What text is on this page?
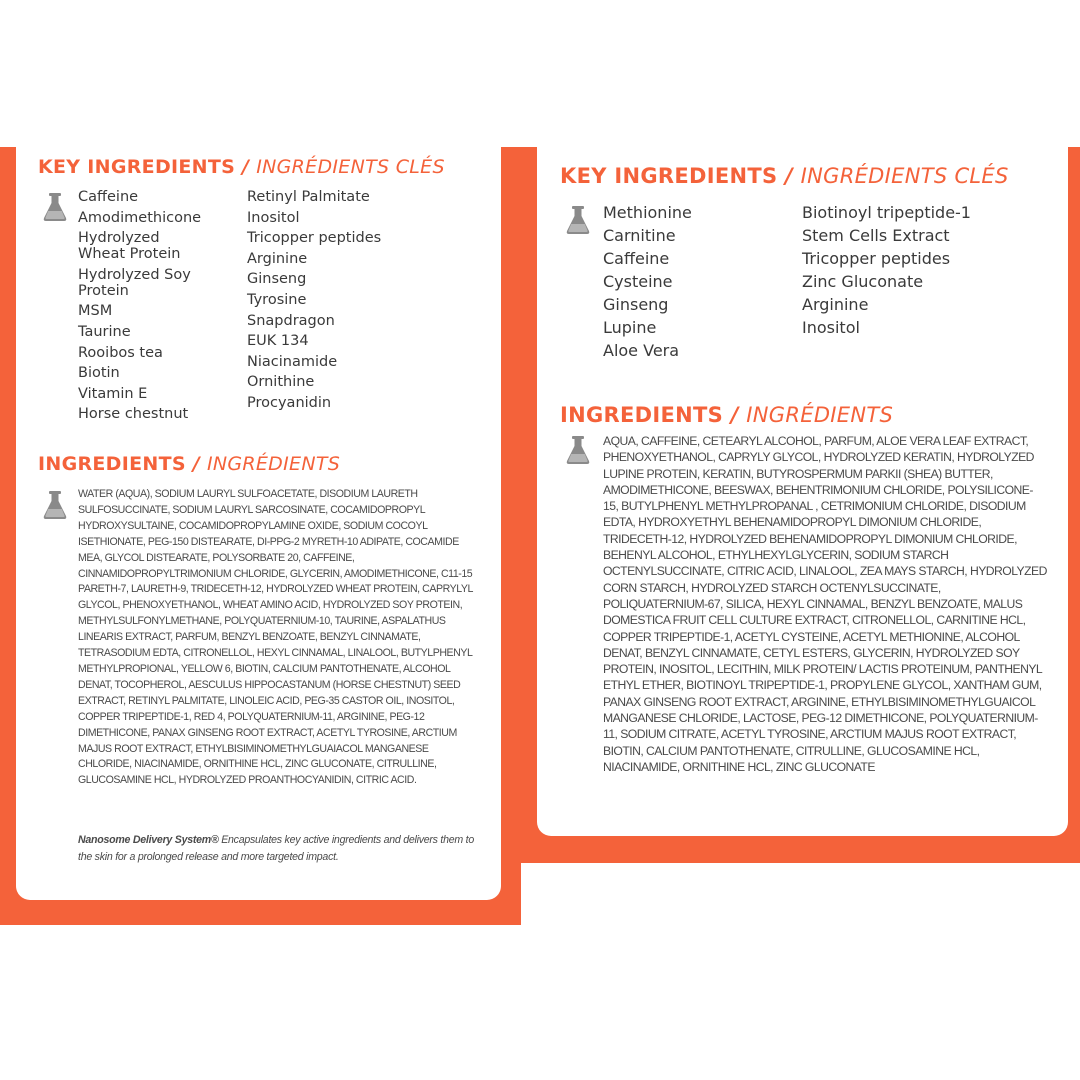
KEY INGREDIENTS / INGRÉDIENTS CLÉS
Caffeine
Amodimethicone
Hydrolyzed
Wheat Protein
Hydrolyzed Soy
Protein
MSM
Taurine
Rooibos tea
Biotin
Vitamin E
Horse chestnut
Retinyl Palmitate
Inositol
Tricopper peptides
Arginine
Ginseng
Tyrosine
Snapdragon
EUK 134
Niacinamide
Ornithine
Procyanidin
INGREDIENTS / INGRÉDIENTS
WATER (AQUA), SODIUM LAURYL SULFOACETATE, DISODIUM LAURETH SULFOSUCCINATE, SODIUM LAURYL SARCOSINATE, COCAMIDOPROPYL HYDROXYSULTAINE, COCAMIDOPROPYLAMINE OXIDE, SODIUM COCOYL ISETHIONATE, PEG-150 DISTEARATE, DI-PPG-2 MYRETH-10 ADIPATE, COCAMIDE MEA, GLYCOL DISTEARATE, POLYSORBATE 20, CAFFEINE, CINNAMIDOPROPYLTRIMONIUM CHLORIDE, GLYCERIN, AMODIMETHICONE, C11-15 PARETH-7, LAURETH-9, TRIDECETH-12, HYDROLYZED WHEAT PROTEIN, CAPRYLYL GLYCOL, PHENOXYETHANOL, WHEAT AMINO ACID, HYDROLYZED SOY PROTEIN, METHYLSULFONYLMETHANE, POLYQUATERNIUM-10, TAURINE, ASPALATHUS LINEARIS EXTRACT, PARFUM, BENZYL BENZOATE, BENZYL CINNAMATE, TETRASODIUM EDTA, CITRONELLOL, HEXYL CINNAMAL, LINALOOL, BUTYLPHENYL METHYLPROPIONAL, YELLOW 6, BIOTIN, CALCIUM PANTOTHENATE, ALCOHOL DENAT, TOCOPHEROL, AESCULUS HIPPOCASTANUM (HORSE CHESTNUT) SEED EXTRACT, RETINYL PALMITATE, LINOLEIC ACID, PEG-35 CASTOR OIL, INOSITOL, COPPER TRIPEPTIDE-1, RED 4, POLYQUATERNIUM-11, ARGININE, PEG-12 DIMETHICONE, PANAX GINSENG ROOT EXTRACT, ACETYL TYROSINE, ARCTIUM MAJUS ROOT EXTRACT, ETHYLBISIMINOMETHYLGUAIACOL MANGANESE CHLORIDE, NIACINAMIDE, ORNITHINE HCL, ZINC GLUCONATE, CITRULLINE, GLUCOSAMINE HCL, HYDROLYZED PROANTHOCYANIDIN, CITRIC ACID.
Nanosome Delivery System® Encapsulates key active ingredients and delivers them to the skin for a prolonged release and more targeted impact.
KEY INGREDIENTS / INGRÉDIENTS CLÉS
Methionine
Carnitine
Caffeine
Cysteine
Ginseng
Lupine
Aloe Vera
Biotinoyl tripeptide-1
Stem Cells Extract
Tricopper peptides
Zinc Gluconate
Arginine
Inositol
INGREDIENTS / INGRÉDIENTS
AQUA, CAFFEINE, CETEARYL ALCOHOL, PARFUM, ALOE VERA LEAF EXTRACT, PHENOXYETHANOL, CAPRYLY GLYCOL, HYDROLYZED KERATIN, HYDROLYZED LUPINE PROTEIN, KERATIN, BUTYROSPERMUM PARKII (SHEA) BUTTER, AMODIMETHICONE, BEESWAX, BEHENTRIMONIUM CHLORIDE, POLYSILICONE-15, BUTYLPHENYL METHYLPROPANAL , CETRIMONIUM CHLORIDE, DISODIUM EDTA, HYDROXYETHYL BEHENAMIDOPROPYL DIMONIUM CHLORIDE, TRIDECETH-12, HYDROLYZED BEHENAMIDOPROPYL DIMONIUM CHLORIDE, BEHENYL ALCOHOL, ETHYLHEXYLGLYCERIN, SODIUM STARCH OCTENYLSUCCINATE, CITRIC ACID, LINALOOL, ZEA MAYS STARCH, HYDROLYZED CORN STARCH, HYDROLYZED STARCH OCTENYLSUCCINATE, POLIQUATERNIUM-67, SILICA, HEXYL CINNAMAL, BENZYL BENZOATE, MALUS DOMESTICA FRUIT CELL CULTURE EXTRACT, CITRONELLOL, CARNITINE HCL, COPPER TRIPEPTIDE-1, ACETYL CYSTEINE, ACETYL METHIONINE, ALCOHOL DENAT, BENZYL CINNAMATE, CETYL ESTERS, GLYCERIN, HYDROLYZED SOY PROTEIN, INOSITOL, LECITHIN, MILK PROTEIN/ LACTIS PROTEINUM, PANTHENYL ETHYL ETHER, BIOTINOYL TRIPEPTIDE-1, PROPYLENE GLYCOL, XANTHAM GUM, PANAX GINSENG ROOT EXTRACT, ARGININE, ETHYLBISIMINOMETHYLGUAICOL MANGANESE CHLORIDE, LACTOSE, PEG-12 DIMETHICONE, POLYQUATERNIUM-11, SODIUM CITRATE, ACETYL TYROSINE, ARCTIUM MAJUS ROOT EXTRACT, BIOTIN, CALCIUM PANTOTHENATE, CITRULLINE, GLUCOSAMINE HCL, NIACINAMIDE, ORNITHINE HCL, ZINC GLUCONATE
